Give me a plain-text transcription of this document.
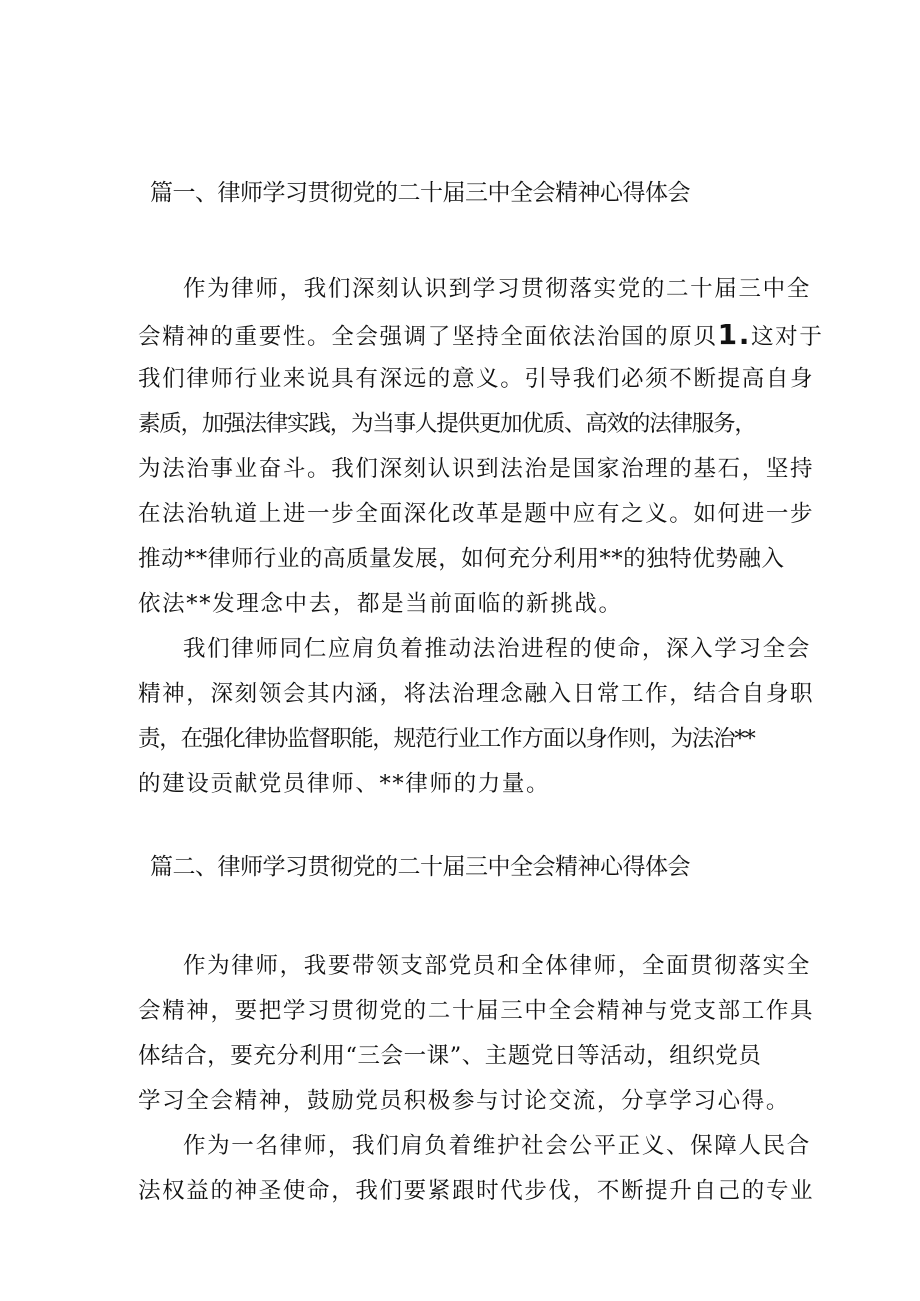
篇一、律师学习贯彻党的二十届三中全会精神心得体会
作为律师，我们深刻认识到学习贯彻落实党的二十届三中全
会精神的重要性。全会强调了坚持全面依法治国的原贝1.这对于
我们律师行业来说具有深远的意义。引导我们必须不断提高自身
素质，加强法律实践，为当事人提供更加优质、高效的法律服务，
为法治事业奋斗。我们深刻认识到法治是国家治理的基石，坚持
在法治轨道上进一步全面深化改革是题中应有之义。如何进一步
推动**律师行业的高质量发展，如何充分利用**的独特优势融入
依法**发理念中去，都是当前面临的新挑战。
我们律师同仁应肩负着推动法治进程的使命，深入学习全会
精神，深刻领会其内涵，将法治理念融入日常工作，结合自身职
责，在强化律协监督职能，规范行业工作方面以身作则，为法治**
的建设贡献党员律师、**律师的力量。
篇二、律师学习贯彻党的二十届三中全会精神心得体会
作为律师，我要带领支部党员和全体律师，全面贯彻落实全
会精神，要把学习贯彻党的二十届三中全会精神与党支部工作具
体结合，要充分利用“三会一课”、主题党日等活动，组织党员
学习全会精神，鼓励党员积极参与讨论交流，分享学习心得。
作为一名律师，我们肩负着维护社会公平正义、保障人民合
法权益的神圣使命，我们要紧跟时代步伐，不断提升自己的专业
